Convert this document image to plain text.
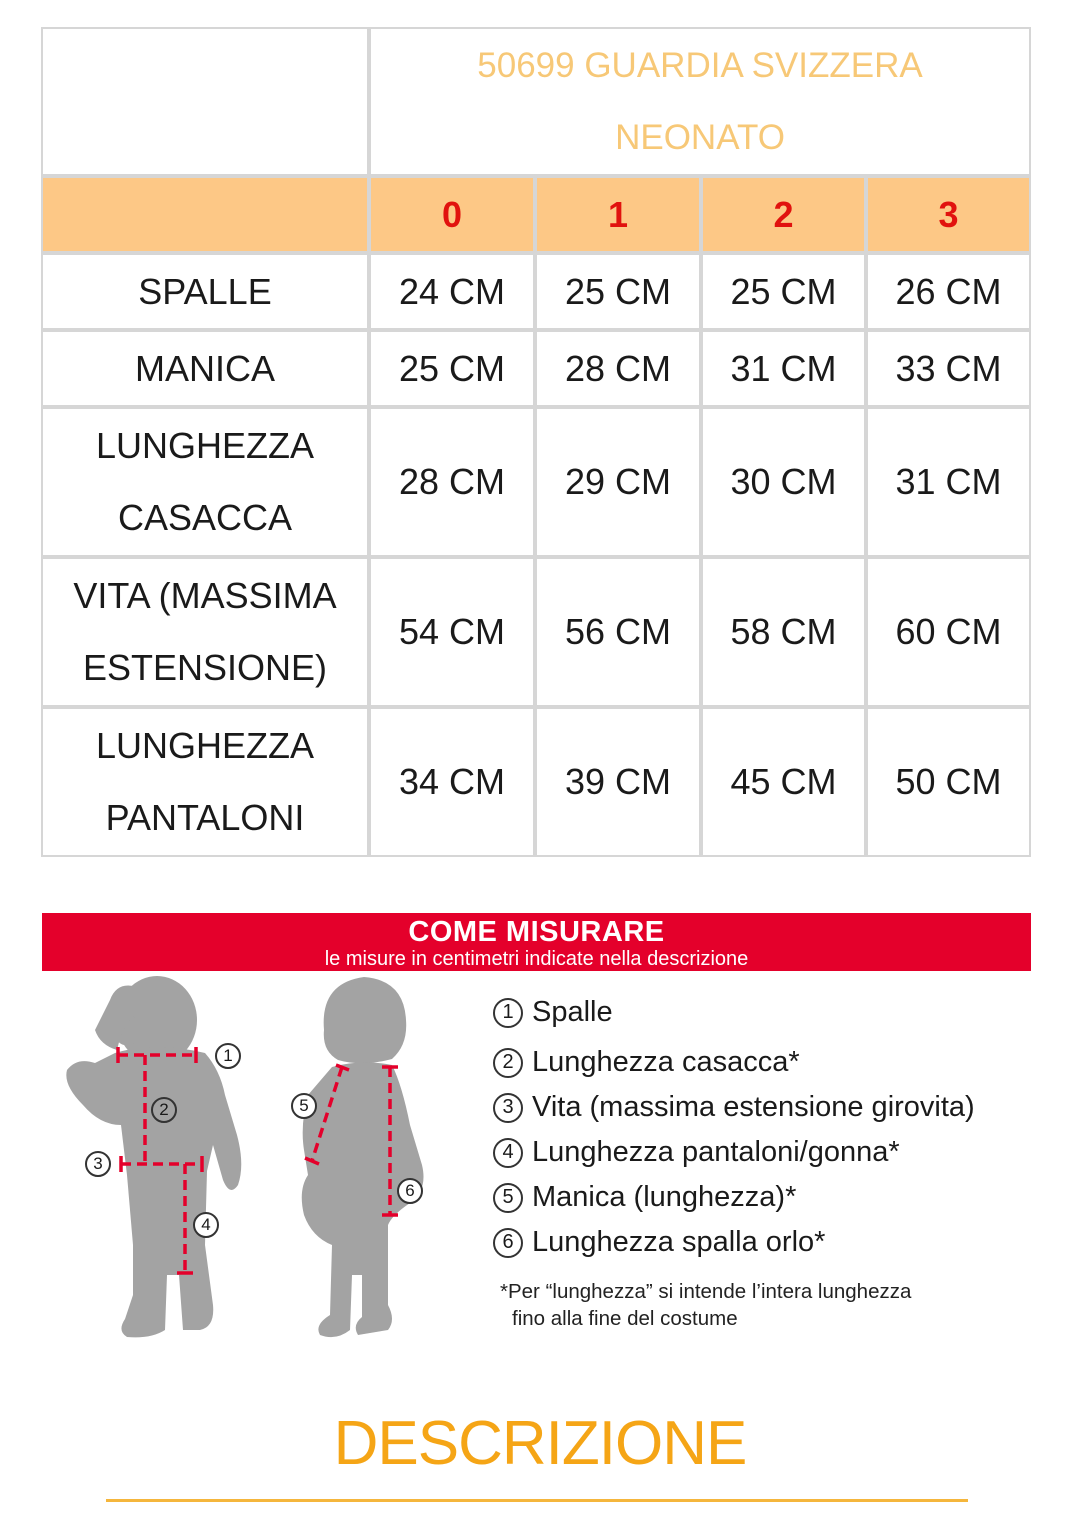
	50699 GUARDIA SVIZZERA
NEONATO			

	0	1	2	3
SPALLE	24 CM	25 CM	25 CM	26 CM
MANICA	25 CM	28 CM	31 CM	33 CM

LUNGHEZZA
CASACCA	28 CM	29 CM	30 CM	31 CM

VITA (MASSIMA
ESTENSIONE)	54 CM	56 CM	58 CM	60 CM

LUNGHEZZA
PANTALONI	34 CM	39 CM	45 CM	50 CM
COME MISURARE
le misure in centimetri indicate nella descrizione
1
2
3
4
5
6
1 Spalle
2 Lunghezza casacca*
3 Vita (massima estensione girovita)
4 Lunghezza pantaloni/gonna*
5 Manica (lunghezza)*
6 Lunghezza spalla orlo*
*Per “lunghezza” si intende l’intera lunghezza
fino alla fine del costume
DESCRIZIONE
